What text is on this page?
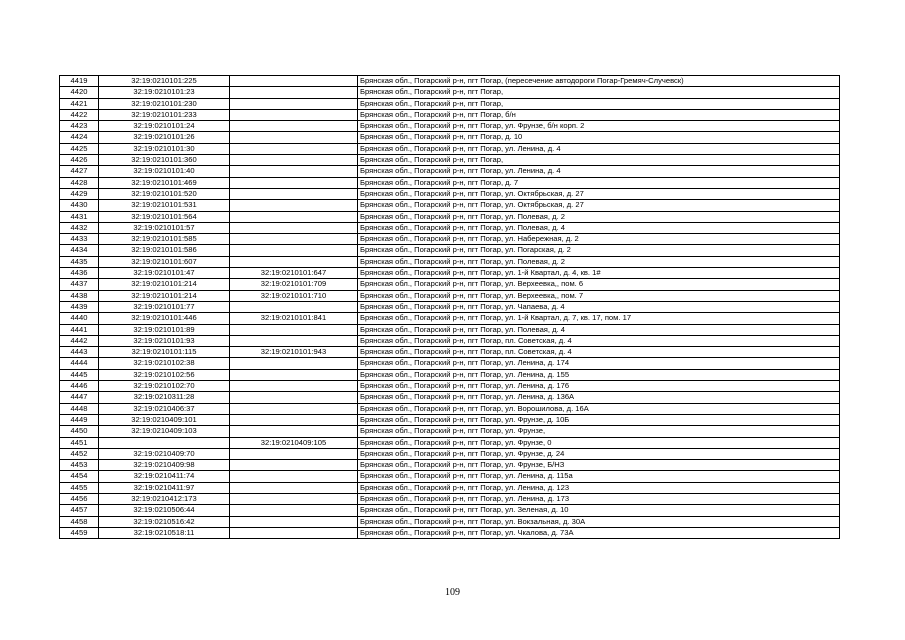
4419	32:19:0210101:225		Брянская обл., Погарский р-н, пгт Погар, (пересечение автодороги Погар-Гремяч-Случевск)
4420	32:19:0210101:23		Брянская обл., Погарский р-н, пгт Погар,
4421	32:19:0210101:230		Брянская обл., Погарский р-н, пгт Погар,
4422	32:19:0210101:233		Брянская обл., Погарский р-н, пгт Погар, б/н
4423	32:19:0210101:24		Брянская обл., Погарский р-н, пгт Погар, ул. Фрунзе, б/н корп. 2
4424	32:19:0210101:26		Брянская обл., Погарский р-н, пгт Погар, д. 10
4425	32:19:0210101:30		Брянская обл., Погарский р-н, пгт Погар, ул. Ленина, д. 4
4426	32:19:0210101:360		Брянская обл., Погарский р-н, пгт Погар,
4427	32:19:0210101:40		Брянская обл., Погарский р-н, пгт Погар, ул. Ленина, д. 4
4428	32:19:0210101:469		Брянская обл., Погарский р-н, пгт Погар, д. 7
4429	32:19:0210101:520		Брянская обл., Погарский р-н, пгт Погар, ул. Октябрьская, д. 27
4430	32:19:0210101:531		Брянская обл., Погарский р-н, пгт Погар, ул. Октябрьская, д. 27
4431	32:19:0210101:564		Брянская обл., Погарский р-н, пгт Погар, ул. Полевая, д. 2
4432	32:19:0210101:57		Брянская обл., Погарский р-н, пгт Погар, ул. Полевая, д. 4
4433	32:19:0210101:585		Брянская обл., Погарский р-н, пгт Погар, ул. Набережная, д. 2
4434	32:19:0210101:586		Брянская обл., Погарский р-н, пгт Погар, ул. Погарская, д. 2
4435	32:19:0210101:607		Брянская обл., Погарский р-н, пгт Погар, ул. Полевая, д. 2
4436	32:19:0210101:47	32:19:0210101:647	Брянская обл., Погарский р-н, пгт Погар, ул. 1-й Квартал, д. 4, кв. 1#
4437	32:19:0210101:214	32:19:0210101:709	Брянская обл., Погарский р-н, пгт Погар, ул. Верхеевка,, пом. 6
4438	32:19:0210101:214	32:19:0210101:710	Брянская обл., Погарский р-н, пгт Погар, ул. Верхеевка,, пом. 7
4439	32:19:0210101:77		Брянская обл., Погарский р-н, пгт Погар, ул. Чапаева, д. 4
4440	32:19:0210101:446	32:19:0210101:841	Брянская обл., Погарский р-н, пгт Погар, ул. 1-й Квартал, д. 7, кв. 17, пом. 17
4441	32:19:0210101:89		Брянская обл., Погарский р-н, пгт Погар, ул. Полевая, д. 4
4442	32:19:0210101:93		Брянская обл., Погарский р-н, пгт Погар, пл. Советская, д. 4
4443	32:19:0210101:115	32:19:0210101:943	Брянская обл., Погарский р-н, пгт Погар, пл. Советская, д. 4
4444	32:19:0210102:38		Брянская обл., Погарский р-н, пгт Погар, ул. Ленина, д. 174
4445	32:19:0210102:56		Брянская обл., Погарский р-н, пгт Погар, ул. Ленина, д. 155
4446	32:19:0210102:70		Брянская обл., Погарский р-н, пгт Погар, ул. Ленина, д. 176
4447	32:19:0210311:28		Брянская обл., Погарский р-н, пгт Погар, ул. Ленина, д. 136А
4448	32:19:0210406:37		Брянская обл., Погарский р-н, пгт Погар, ул. Ворошилова, д. 16А
4449	32:19:0210409:101		Брянская обл., Погарский р-н, пгт Погар, ул. Фрунзе, д. 10Б
4450	32:19:0210409:103		Брянская обл., Погарский р-н, пгт Погар, ул. Фрунзе,
4451		32:19:0210409:105	Брянская обл., Погарский р-н, пгт Погар, ул. Фрунзе, 0
4452	32:19:0210409:70		Брянская обл., Погарский р-н, пгт Погар, ул. Фрунзе, д. 24
4453	32:19:0210409:98		Брянская обл., Погарский р-н, пгт Погар, ул. Фрунзе, Б/НЗ
4454	32:19:0210411:74		Брянская обл., Погарский р-н, пгт Погар, ул. Ленина, д. 115а
4455	32:19:0210411:97		Брянская обл., Погарский р-н, пгт Погар, ул. Ленина, д. 123
4456	32:19:0210412:173		Брянская обл., Погарский р-н, пгт Погар, ул. Ленина, д. 173
4457	32:19:0210506:44		Брянская обл., Погарский р-н, пгт Погар, ул. Зеленая, д. 10
4458	32:19:0210516:42		Брянская обл., Погарский р-н, пгт Погар, ул. Вокзальная, д. 30А
4459	32:19:0210518:11		Брянская обл., Погарский р-н, пгт Погар, ул. Чкалова, д. 73А
109
